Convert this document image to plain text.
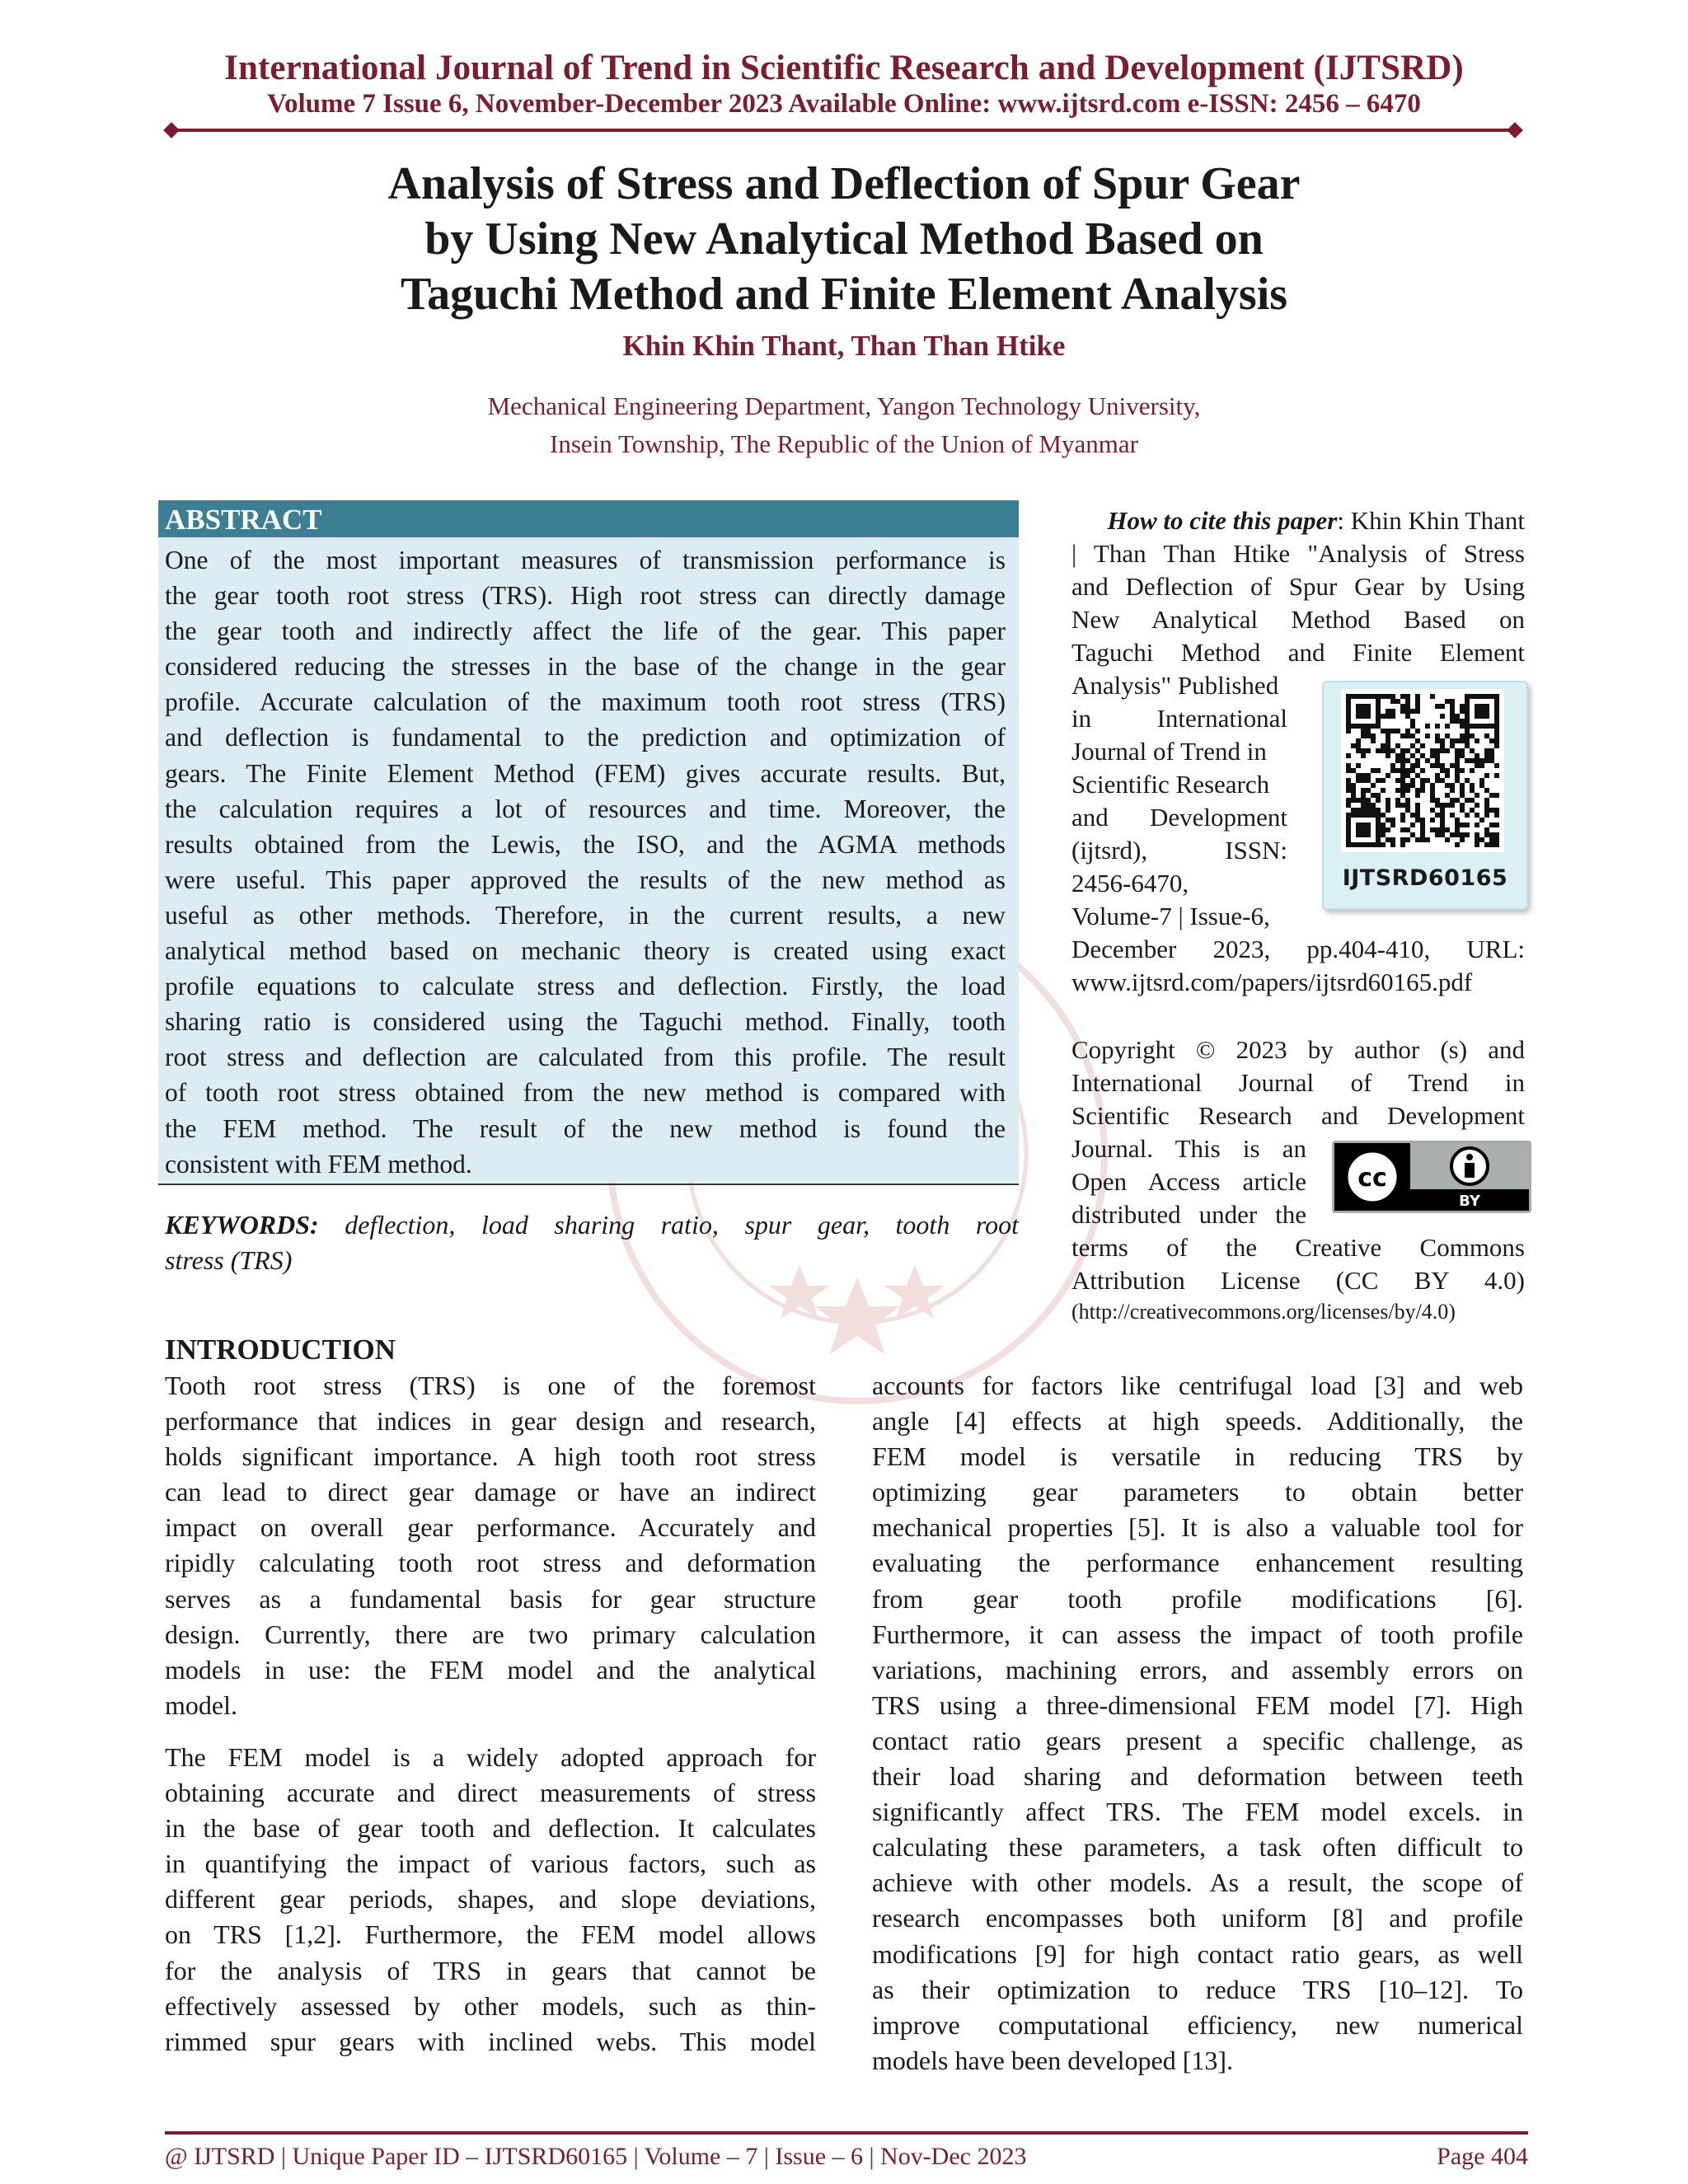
International Journal of Trend in Scientific Research and Development (IJTSRD)
Volume 7 Issue 6, November-December 2023 Available Online: www.ijtsrd.com e-ISSN: 2456 – 6470
Analysis of Stress and Deflection of Spur Gear
by Using New Analytical Method Based on
Taguchi Method and Finite Element Analysis
Khin Khin Thant, Than Than Htike
Mechanical Engineering Department, Yangon Technology University,
Insein Township, The Republic of the Union of Myanmar
ABSTRACT
One of the most important measures of transmission performance is
the gear tooth root stress (TRS). High root stress can directly damage
the gear tooth and indirectly affect the life of the gear. This paper
considered reducing the stresses in the base of the change in the gear
profile. Accurate calculation of the maximum tooth root stress (TRS)
and deflection is fundamental to the prediction and optimization of
gears. The Finite Element Method (FEM) gives accurate results. But,
the calculation requires a lot of resources and time. Moreover, the
results obtained from the Lewis, the ISO, and the AGMA methods
were useful. This paper approved the results of the new method as
useful as other methods. Therefore, in the current results, a new
analytical method based on mechanic theory is created using exact
profile equations to calculate stress and deflection. Firstly, the load
sharing ratio is considered using the Taguchi method. Finally, tooth
root stress and deflection are calculated from this profile. The result
of tooth root stress obtained from the new method is compared with
the FEM method. The result of the new method is found the
consistent with FEM method.
KEYWORDS: deflection, load sharing ratio, spur gear, tooth root
stress (TRS)
How to cite this paper: Khin Khin Thant
| Than Than Htike "Analysis of Stress
and Deflection of Spur Gear by Using
New Analytical Method Based on
Taguchi Method and Finite Element
Analysis" Published
in International
Journal of Trend in
Scientific Research
and Development
(ijtsrd), ISSN:
2456-6470,
Volume-7 | Issue-6,
December 2023, pp.404-410, URL:
www.ijtsrd.com/papers/ijtsrd60165.pdf
Copyright © 2023 by author (s) and
International Journal of Trend in
Scientific Research and Development
Journal. This is an
Open Access article
distributed under the
terms of the Creative Commons
Attribution License (CC BY 4.0)
(http://creativecommons.org/licenses/by/4.0)
IJTSRD60165
cc
BY
INTRODUCTION
Tooth root stress (TRS) is one of the foremost
performance that indices in gear design and research,
holds significant importance. A high tooth root stress
can lead to direct gear damage or have an indirect
impact on overall gear performance. Accurately and
ripidly calculating tooth root stress and deformation
serves as a fundamental basis for gear structure
design. Currently, there are two primary calculation
models in use: the FEM model and the analytical
model.
The FEM model is a widely adopted approach for
obtaining accurate and direct measurements of stress
in the base of gear tooth and deflection. It calculates
in quantifying the impact of various factors, such as
different gear periods, shapes, and slope deviations,
on TRS [1,2]. Furthermore, the FEM model allows
for the analysis of TRS in gears that cannot be
effectively assessed by other models, such as thin-
rimmed spur gears with inclined webs. This model
accounts for factors like centrifugal load [3] and web
angle [4] effects at high speeds. Additionally, the
FEM model is versatile in reducing TRS by
optimizing gear parameters to obtain better
mechanical properties [5]. It is also a valuable tool for
evaluating the performance enhancement resulting
from gear tooth profile modifications [6].
Furthermore, it can assess the impact of tooth profile
variations, machining errors, and assembly errors on
TRS using a three-dimensional FEM model [7]. High
contact ratio gears present a specific challenge, as
their load sharing and deformation between teeth
significantly affect TRS. The FEM model excels. in
calculating these parameters, a task often difficult to
achieve with other models. As a result, the scope of
research encompasses both uniform [8] and profile
modifications [9] for high contact ratio gears, as well
as their optimization to reduce TRS [10–12]. To
improve computational efficiency, new numerical
models have been developed [13].
@ IJTSRD | Unique Paper ID – IJTSRD60165 | Volume – 7 | Issue – 6 | Nov-Dec 2023	Page 404
